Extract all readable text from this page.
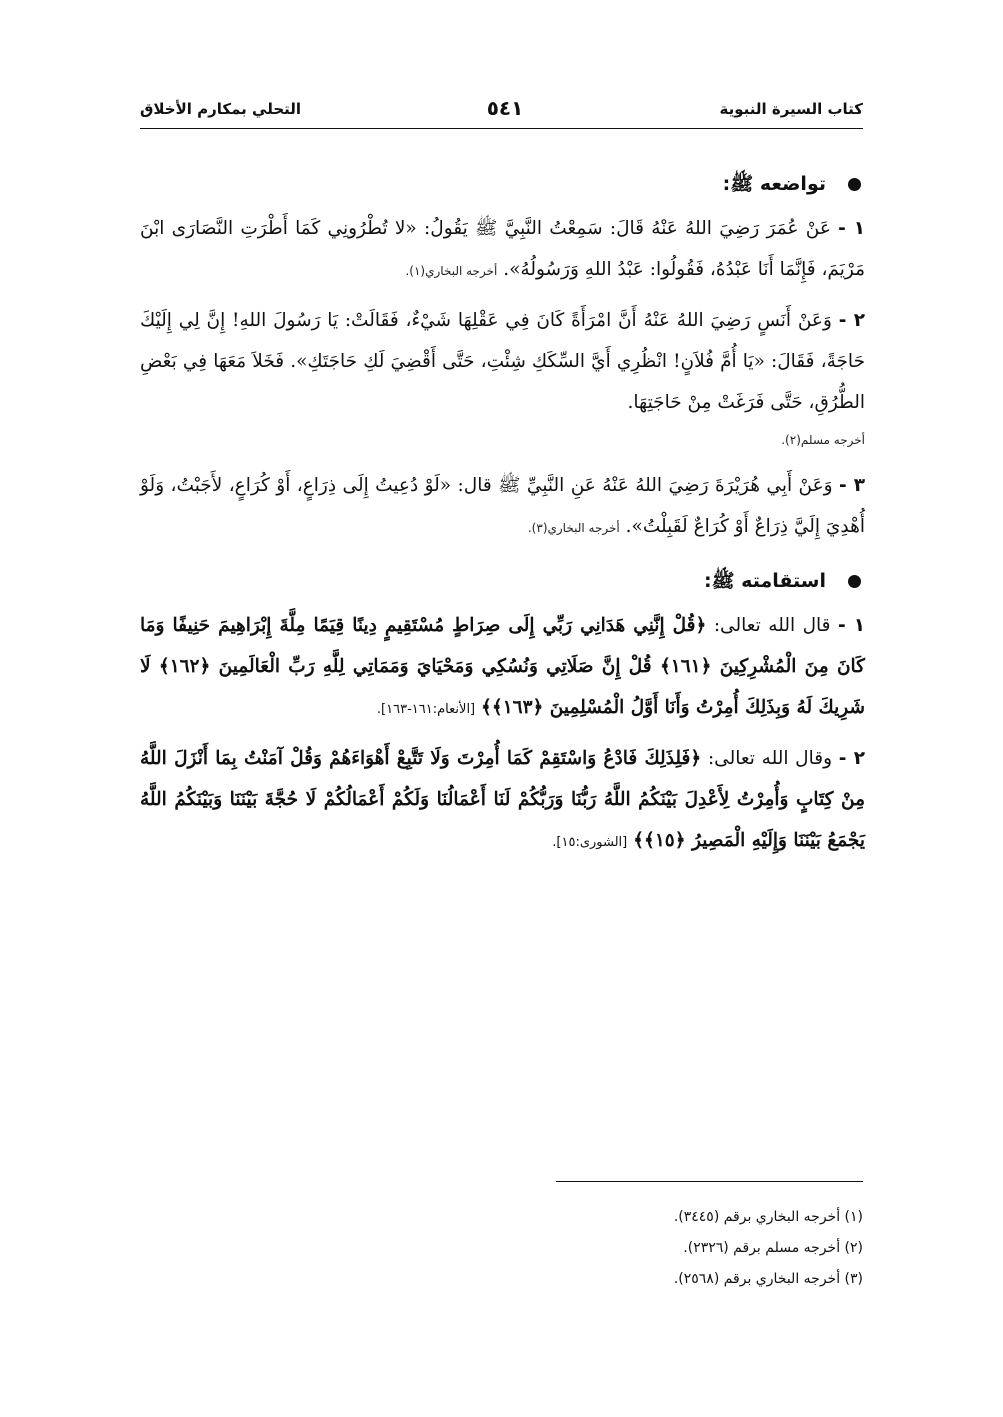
كتاب السيرة النبوية
٥٤١
التحلي بمكارم الأخلاق
تواضعه ﷺ:

١ - عَنْ عُمَرَ رَضِيَ اللهُ عَنْهُ قَالَ: سَمِعْتُ النَّبِيَّ ﷺ يَقُولُ: «لا تُطْرُونِي كَمَا أَطْرَتِ النَّصَارَى ابْنَ مَرْيَمَ، فَإِنَّمَا أَنَا عَبْدُهُ، فَقُولُوا: عَبْدُ اللهِ وَرَسُولُهُ». أخرجه البخاري(١).

٢ - وَعَنْ أَنَسٍ رَضِيَ اللهُ عَنْهُ أَنَّ امْرَأَةً كَانَ فِي عَقْلِهَا شَيْءٌ، فَقَالَتْ: يَا رَسُولَ اللهِ! إِنَّ لِي إِلَيْكَ حَاجَةً، فَقَالَ: «يَا أُمَّ فُلاَنٍ! انْظُرِي أَيَّ السِّكَكِ شِئْتِ، حَتَّى أَقْضِيَ لَكِ حَاجَتَكِ». فَخَلاَ مَعَهَا فِي بَعْضِ الطُّرُقِ، حَتَّى فَرَغَتْ مِنْ حَاجَتِهَا.

أخرجه مسلم(٢).

٣ - وَعَنْ أَبِي هُرَيْرَةَ رَضِيَ اللهُ عَنْهُ عَنِ النَّبِيِّ ﷺ قال: «لَوْ دُعِيتُ إِلَى ذِرَاعٍ، أَوْ كُرَاعٍ، لأَجَبْتُ، وَلَوْ أُهْدِيَ إِلَيَّ ذِرَاعٌ أَوْ كُرَاعٌ لَقَبِلْتُ». أخرجه البخاري(٣).

استقامته ﷺ:

١ - قال الله تعالى: ﴿قُلْ إِنَّنِي هَدَانِي رَبِّي إِلَى صِرَاطٍ مُسْتَقِيمٍ دِينًا قِيَمًا مِلَّةَ إِبْرَاهِيمَ حَنِيفًا وَمَا كَانَ مِنَ الْمُشْرِكِينَ ﴿١٦١﴾ قُلْ إِنَّ صَلَاتِي وَنُسُكِي وَمَحْيَايَ وَمَمَاتِي لِلَّهِ رَبِّ الْعَالَمِينَ ﴿١٦٢﴾ لَا شَرِيكَ لَهُ وَبِذَلِكَ أُمِرْتُ وَأَنَا أَوَّلُ الْمُسْلِمِينَ ﴿١٦٣﴾﴾ [الأنعام:١٦١-١٦٣].

٢ - وقال الله تعالى: ﴿فَلِذَلِكَ فَادْعُ وَاسْتَقِمْ كَمَا أُمِرْتَ وَلَا تَتَّبِعْ أَهْوَاءَهُمْ وَقُلْ آمَنْتُ بِمَا أَنْزَلَ اللَّهُ مِنْ كِتَابٍ وَأُمِرْتُ لِأَعْدِلَ بَيْنَكُمُ اللَّهُ رَبُّنَا وَرَبُّكُمْ لَنَا أَعْمَالُنَا وَلَكُمْ أَعْمَالُكُمْ لَا حُجَّةَ بَيْنَنَا وَبَيْنَكُمُ اللَّهُ يَجْمَعُ بَيْنَنَا وَإِلَيْهِ الْمَصِيرُ ﴿١٥﴾﴾ [الشورى:١٥].

(١) أخرجه البخاري برقم (٣٤٤٥).
(٢) أخرجه مسلم برقم (٢٣٢٦).
(٣) أخرجه البخاري برقم (٢٥٦٨).
